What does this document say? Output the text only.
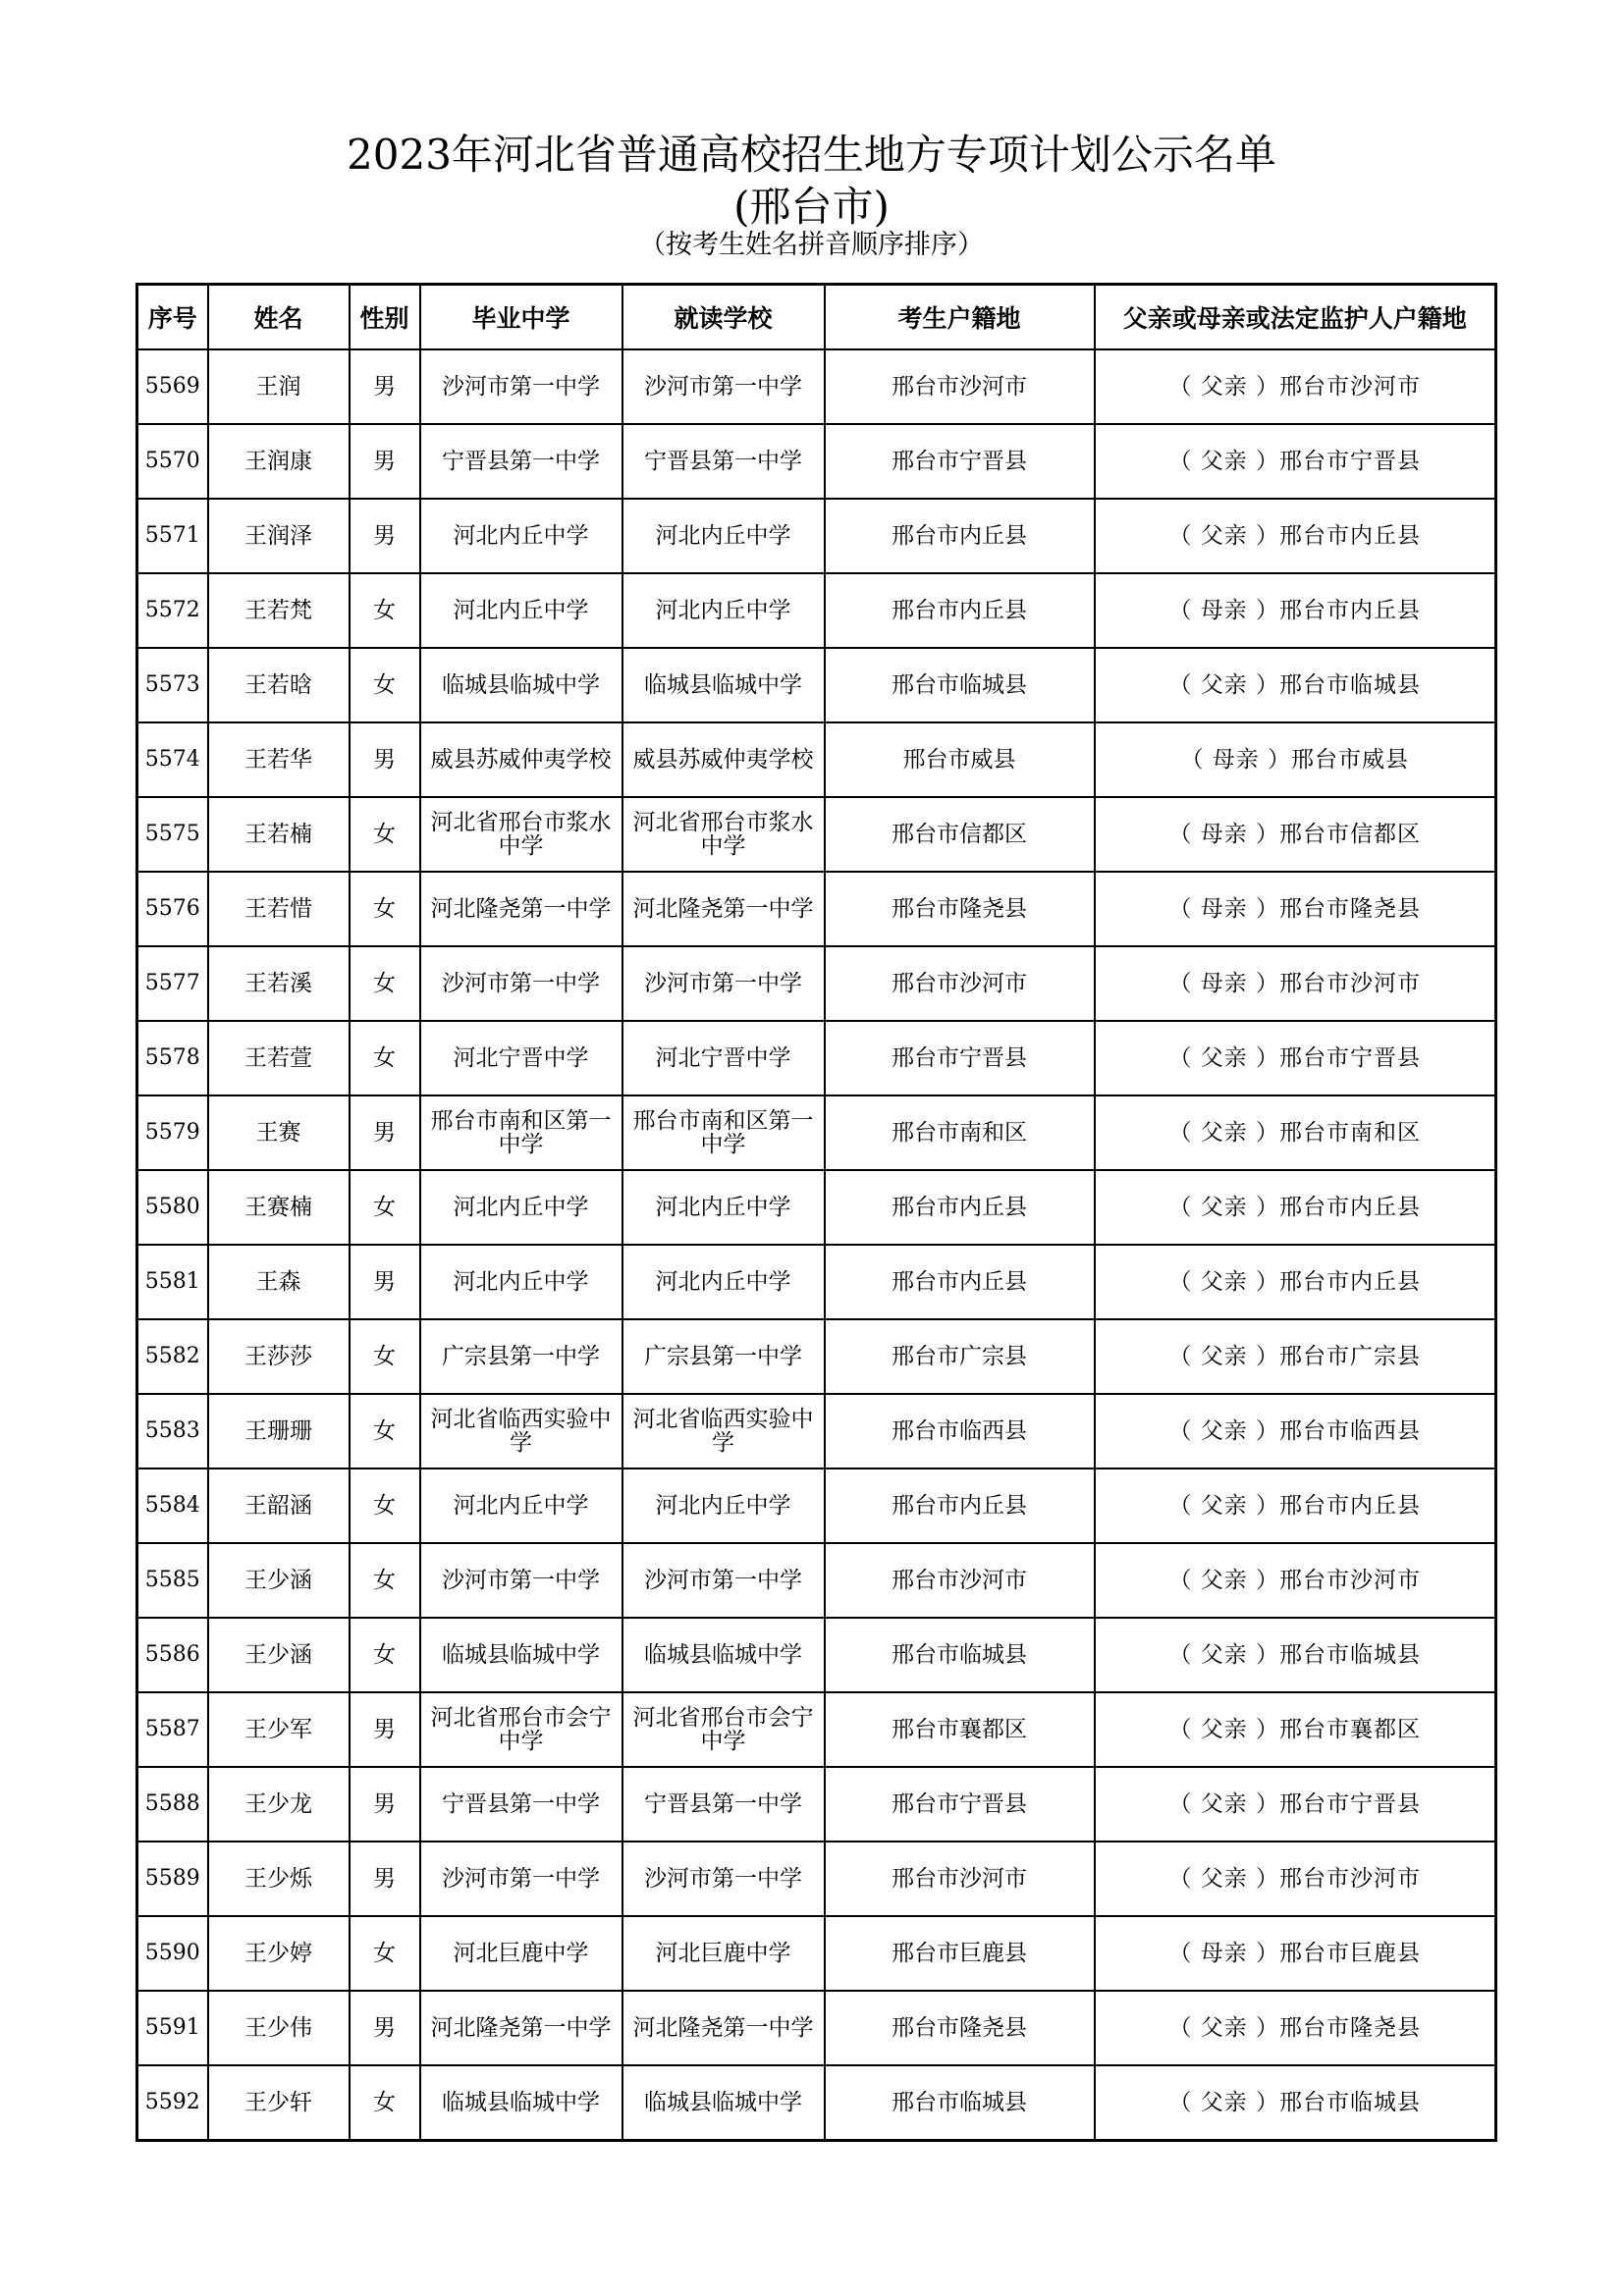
2023年河北省普通高校招生地方专项计划公示名单
(邢台市)
（按考生姓名拼音顺序排序）
序号	姓名	性别	毕业中学	就读学校	考生户籍地	父亲或母亲或法定监护人户籍地
5569	王润	男	沙河市第一中学	沙河市第一中学	邢台市沙河市	（ 父亲 ）邢台市沙河市
5570	王润康	男	宁晋县第一中学	宁晋县第一中学	邢台市宁晋县	（ 父亲 ）邢台市宁晋县
5571	王润泽	男	河北内丘中学	河北内丘中学	邢台市内丘县	（ 父亲 ）邢台市内丘县
5572	王若梵	女	河北内丘中学	河北内丘中学	邢台市内丘县	（ 母亲 ）邢台市内丘县
5573	王若晗	女	临城县临城中学	临城县临城中学	邢台市临城县	（ 父亲 ）邢台市临城县
5574	王若华	男	威县苏威仲夷学校	威县苏威仲夷学校	邢台市威县	（ 母亲 ）邢台市威县
5575	王若楠	女	河北省邢台市浆水中学	河北省邢台市浆水中学	邢台市信都区	（ 母亲 ）邢台市信都区
5576	王若惜	女	河北隆尧第一中学	河北隆尧第一中学	邢台市隆尧县	（ 母亲 ）邢台市隆尧县
5577	王若溪	女	沙河市第一中学	沙河市第一中学	邢台市沙河市	（ 母亲 ）邢台市沙河市
5578	王若萱	女	河北宁晋中学	河北宁晋中学	邢台市宁晋县	（ 父亲 ）邢台市宁晋县
5579	王赛	男	邢台市南和区第一中学	邢台市南和区第一中学	邢台市南和区	（ 父亲 ）邢台市南和区
5580	王赛楠	女	河北内丘中学	河北内丘中学	邢台市内丘县	（ 父亲 ）邢台市内丘县
5581	王森	男	河北内丘中学	河北内丘中学	邢台市内丘县	（ 父亲 ）邢台市内丘县
5582	王莎莎	女	广宗县第一中学	广宗县第一中学	邢台市广宗县	（ 父亲 ）邢台市广宗县
5583	王珊珊	女	河北省临西实验中学	河北省临西实验中学	邢台市临西县	（ 父亲 ）邢台市临西县
5584	王韶涵	女	河北内丘中学	河北内丘中学	邢台市内丘县	（ 父亲 ）邢台市内丘县
5585	王少涵	女	沙河市第一中学	沙河市第一中学	邢台市沙河市	（ 父亲 ）邢台市沙河市
5586	王少涵	女	临城县临城中学	临城县临城中学	邢台市临城县	（ 父亲 ）邢台市临城县
5587	王少军	男	河北省邢台市会宁中学	河北省邢台市会宁中学	邢台市襄都区	（ 父亲 ）邢台市襄都区
5588	王少龙	男	宁晋县第一中学	宁晋县第一中学	邢台市宁晋县	（ 父亲 ）邢台市宁晋县
5589	王少烁	男	沙河市第一中学	沙河市第一中学	邢台市沙河市	（ 父亲 ）邢台市沙河市
5590	王少婷	女	河北巨鹿中学	河北巨鹿中学	邢台市巨鹿县	（ 母亲 ）邢台市巨鹿县
5591	王少伟	男	河北隆尧第一中学	河北隆尧第一中学	邢台市隆尧县	（ 父亲 ）邢台市隆尧县
5592	王少轩	女	临城县临城中学	临城县临城中学	邢台市临城县	（ 父亲 ）邢台市临城县
